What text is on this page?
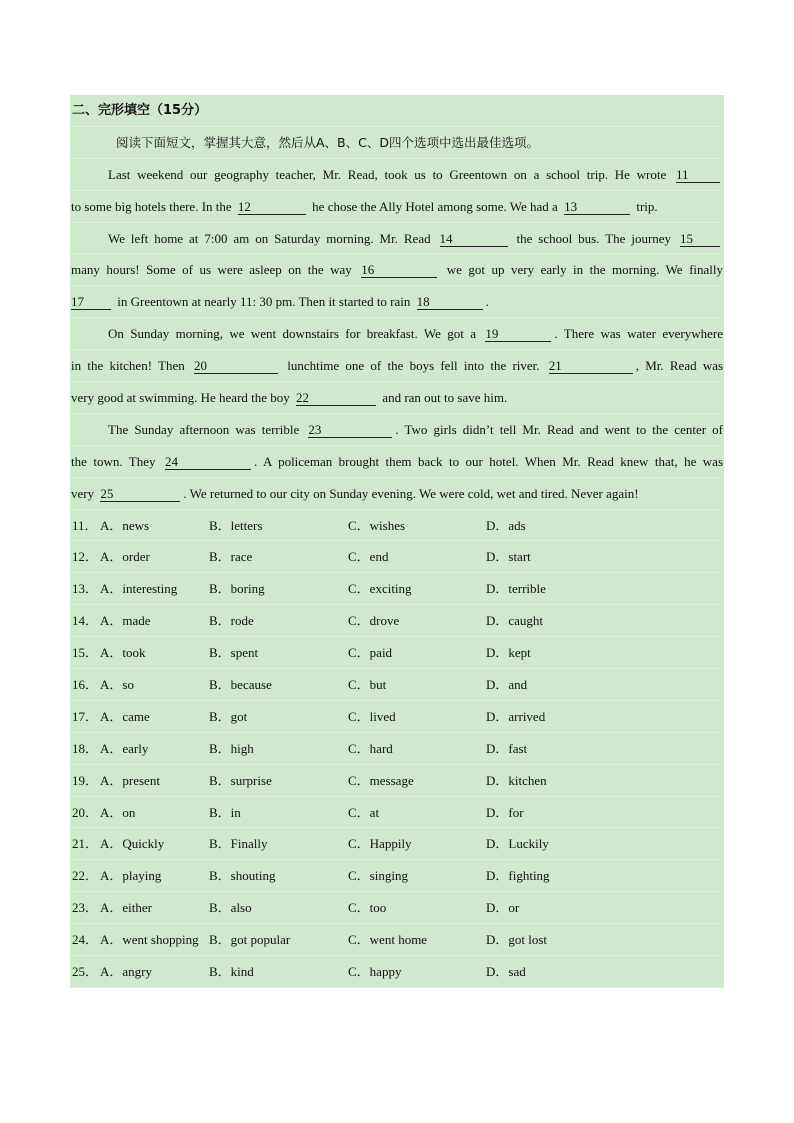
二、完形填空（15分）
阅读下面短文，掌握其大意，然后从A、B、C、D四个选项中选出最佳选项。
Last weekend our geography teacher, Mr. Read, took us to Greentown on a school trip. He wrote 11
to some big hotels there. In the 12	he chose the Ally Hotel among some. We had a 13	trip.
We left home at 7:00 am on Saturday morning. Mr. Read 14	the school bus. The journey 15
many hours! Some of us were asleep on the way 16	we got up very early in the morning. We finally
17	in Greentown at nearly 11: 30 pm. Then it started to rain 18	.
On Sunday morning, we went downstairs for breakfast. We got a 19	. There was water everywhere
in the kitchen! Then 20	lunchtime one of the boys fell into the river. 21	, Mr. Read was
very good at swimming. He heard the boy 22	and ran out to save him.
The Sunday afternoon was terrible 23	. Two girls didn’t tell Mr. Read and went to the center of
the town. They 24	. A policeman brought them back to our hotel. When Mr. Read knew that, he was
very 25	. We returned to our city on Sunday evening. We were cold, wet and tired. Never again!
11． A．news	B．letters	C．wishes	D．ads
12． A．order	B．race	C．end	D．start
13． A．interesting B．boring	C．exciting	D．terrible
14． A．made	B．rode	C．drove	D．caught
15． A．took	B．spent	C．paid	D．kept
16． A．so	B．because	C．but	D．and
17． A．came	B．got	C．lived	D．arrived
18． A．early	B．high	C．hard	D．fast
19． A．present	B．surprise	C．message	D．kitchen
20． A．on	B．in	C．at	D．for
21． A．Quickly	B．Finally	C．Happily	D．Luckily
22． A．playing	B．shouting	C．singing	D．fighting
23． A．either	B．also	C．too	D．or
24． A．went shopping B．got popular	C．went home	D．got lost
25． A．angry	B．kind	C．happy	D．sad
